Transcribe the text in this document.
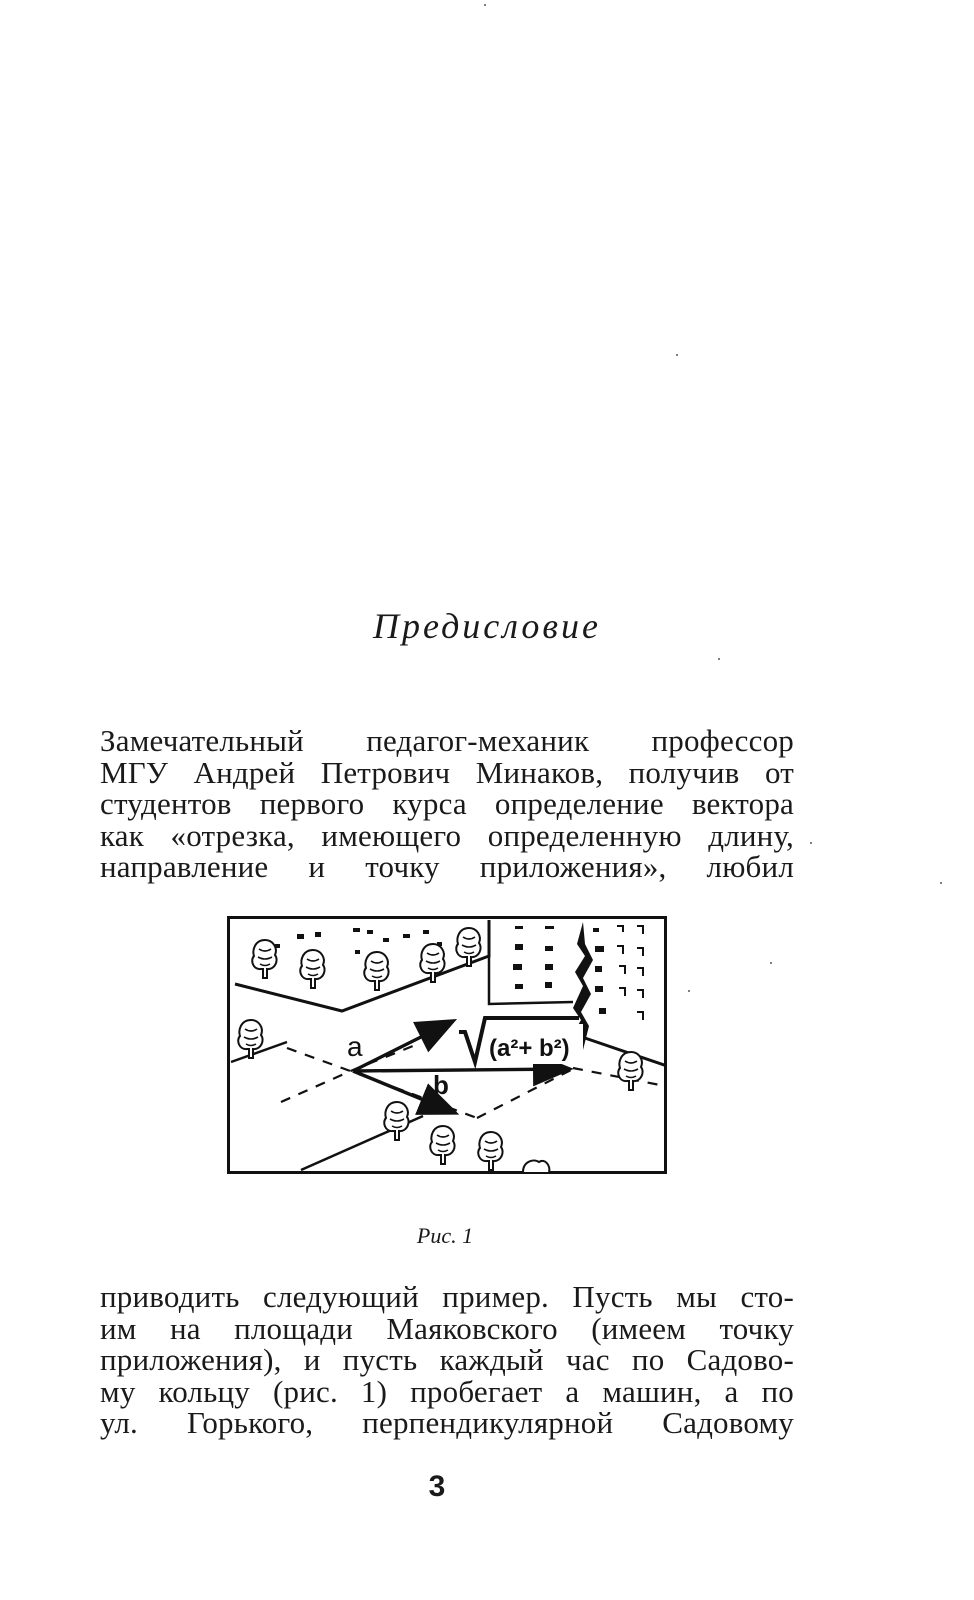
Предисловие
Замечательный педагог-механик профессор
МГУ Андрей Петрович Минаков, получив от
студентов первого курса определение вектора
как «отрезка, имеющего определенную длину,
направление и точку приложения», любил
a
b
(a²+ b²)
Рис. 1
приводить следующий пример. Пусть мы сто-
им на площади Маяковского (имеем точку
приложения), и пусть каждый час по Садово-
му кольцу (рис. 1) пробегает a машин, а по
ул. Горького, перпендикулярной Садовому
3
